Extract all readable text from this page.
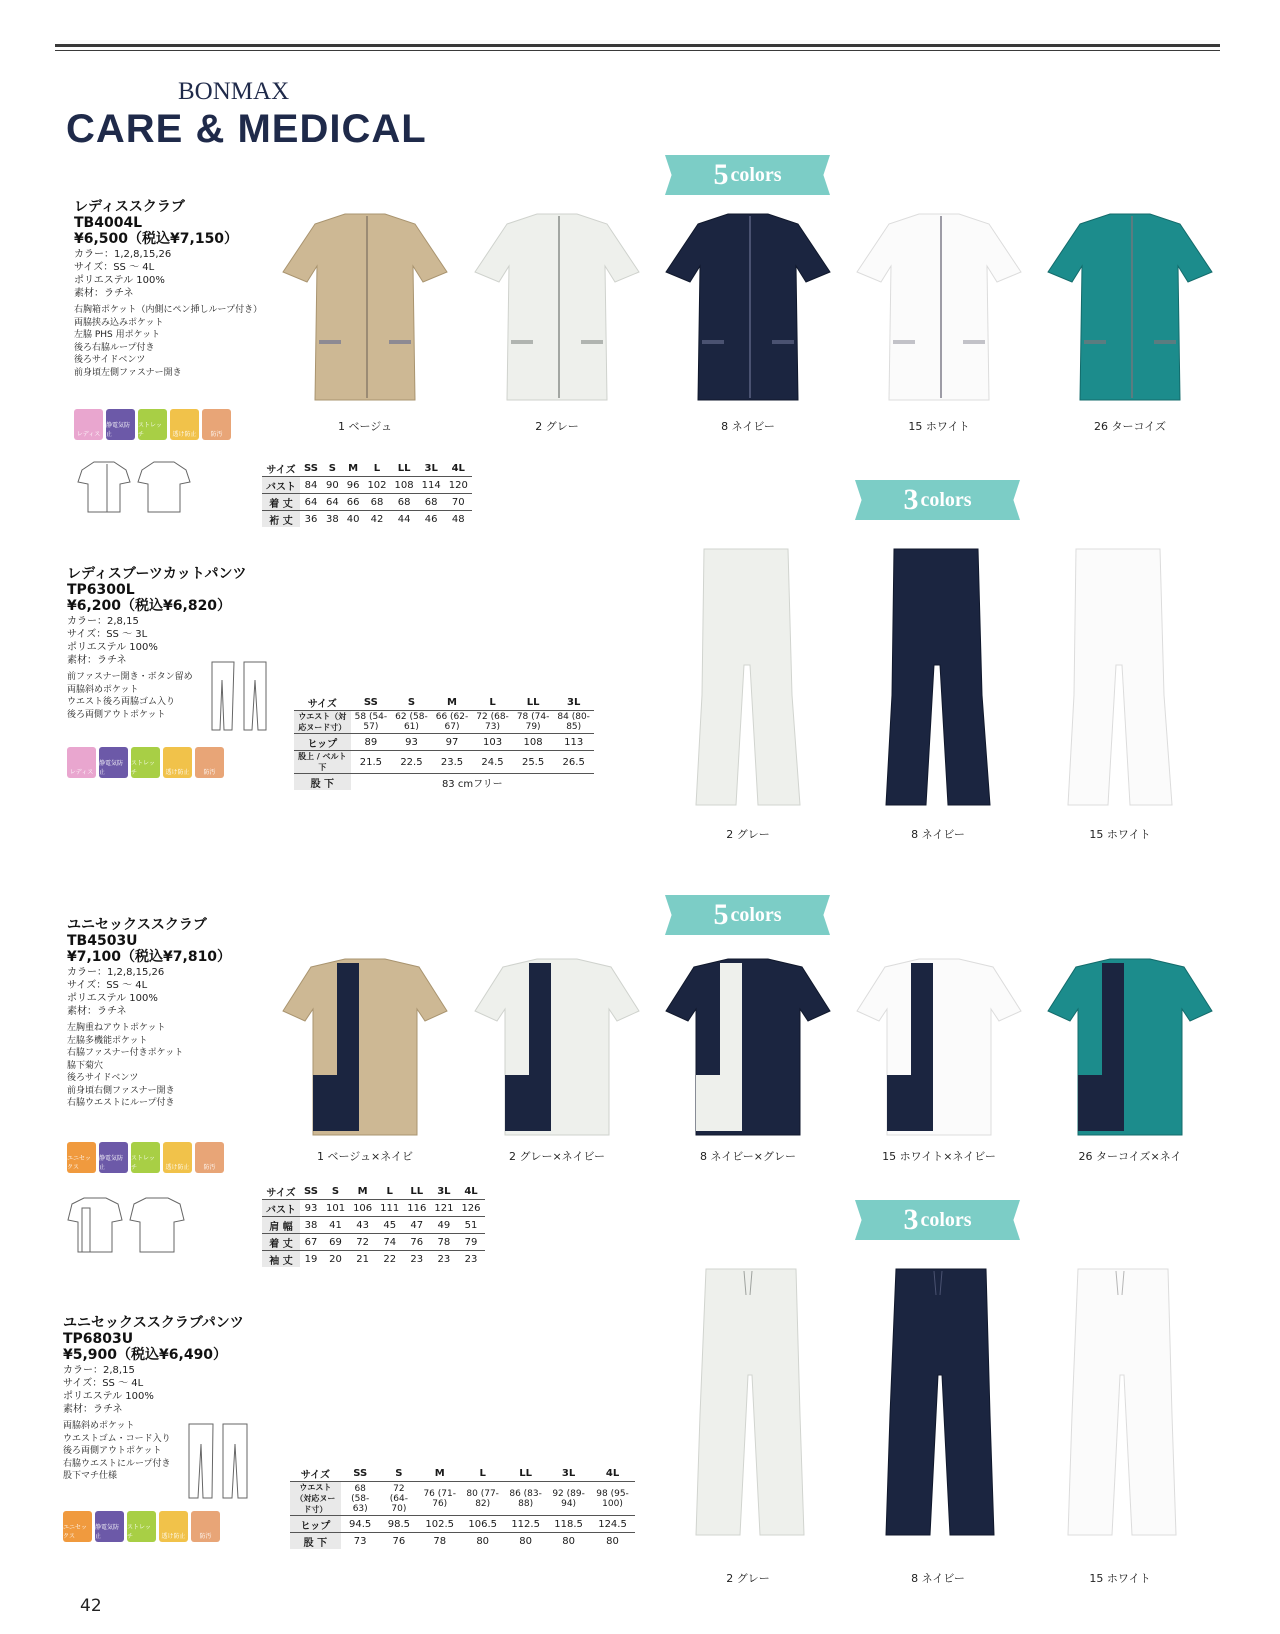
BONMAX
CARE & MEDICAL
レディススクラブ
TB4004L
¥6,500（税込¥7,150）
カラー：1,2,8,15,26
サイズ：SS ～ 4L
ポリエステル 100%
素材：ラチネ
右胸箱ポケット（内側にペン挿しループ付き）
両脇挟み込みポケット
左脇 PHS 用ポケット
後ろ右脇ループ付き
後ろサイドベンツ
前身頃左側ファスナー開き
レディス
静電気防止
ストレッチ	透け防止	防汚
サイズ	SS	S	M	L	LL	3L	4L
バスト	84	90	96	102	108	114	120
着 丈	64	64	66	68	68	68	70
裄 丈	36	38	40	42	44	46	48
5 colors
1 ベージュ	2 グレー	8 ネイビー	15 ホワイト	26 ターコイズ
レディスブーツカットパンツ
TP6300L
¥6,200（税込¥6,820）
カラー：2,8,15
サイズ：SS ～ 3L
ポリエステル 100%
素材：ラチネ
前ファスナー開き・ボタン留め
両脇斜めポケット
ウエスト後ろ両脇ゴム入り
後ろ両側アウトポケット
レディス
静電気防止
ストレッチ	透け防止	防汚
サイズ	SS	S	M	L	LL	3L
ウエスト（対応ヌード寸）	58 (54-57)	62 (58-61)	66 (62-67)	72 (68-73)	78 (74-79)	84 (80-85)
ヒップ	89	93	97	103	108	113
股上 / ベルト下	21.5	22.5	23.5	24.5	25.5	26.5
股 下	83 cmフリー					
3 colors
2 グレー	8 ネイビー	15 ホワイト
ユニセックススクラブ
TB4503U
¥7,100（税込¥7,810）
カラー：1,2,8,15,26
サイズ：SS ～ 4L
ポリエステル 100%
素材：ラチネ
左胸重ねアウトポケット
左脇多機能ポケット
右脇ファスナー付きポケット
脇下菊穴
後ろサイドベンツ
前身頃右側ファスナー開き
右脇ウエストにループ付き
ユニセックス
静電気防止
ストレッチ	透け防止	防汚
サイズ	SS	S	M	L	LL	3L	4L
バスト	93	101	106	111	116	121	126
肩 幅	38	41	43	45	47	49	51
着 丈	67	69	72	74	76	78	79
袖 丈	19	20	21	22	23	23	23
5 colors
1 ベージュ×ネイビ	2 グレー×ネイビー	8 ネイビー×グレー	15 ホワイト×ネイビー	26 ターコイズ×ネイ
ユニセックススクラブパンツ
TP6803U
¥5,900（税込¥6,490）
カラー：2,8,15
サイズ：SS ～ 4L
ポリエステル 100%
素材：ラチネ
両脇斜めポケット
ウエストゴム・コード入り
後ろ両側アウトポケット
右脇ウエストにループ付き
股下マチ仕様
ユニセックス
静電気防止
ストレッチ	透け防止	防汚
サイズ	SS	S	M	L	LL	3L	4L
ウエスト（対応ヌード寸）	68 (58-63)	72 (64-70)	76 (71-76)	80 (77-82)	86 (83-88)	92 (89-94)	98 (95-100)
ヒップ	94.5	98.5	102.5	106.5	112.5	118.5	124.5
股 下	73	76	78	80	80	80	80
3 colors
2 グレー	8 ネイビー	15 ホワイト
42
